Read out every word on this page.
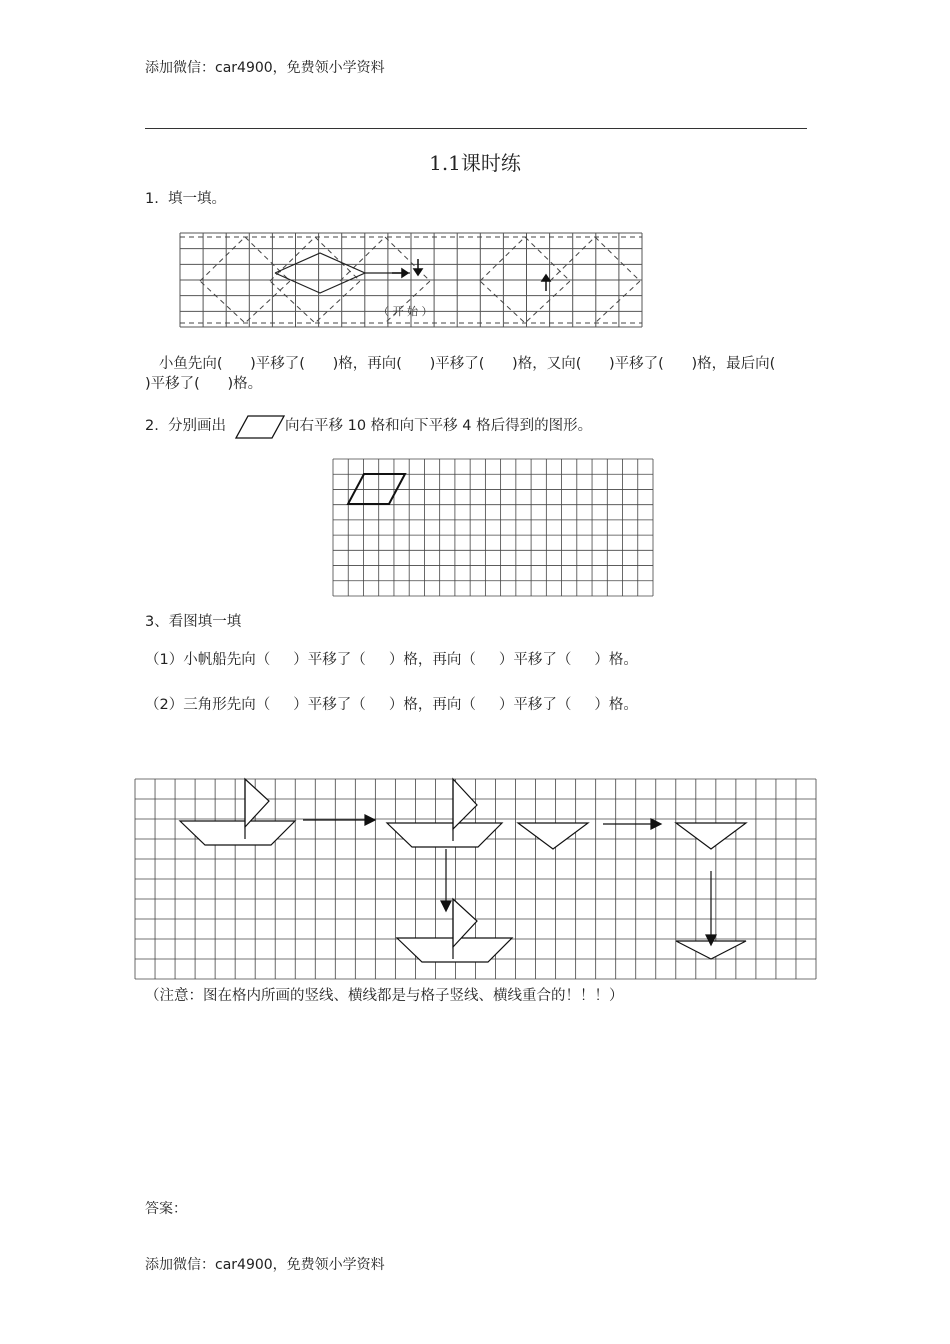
添加微信：car4900，免费领小学资料
1.1课时练
1.  填一填。
（ 开 始 ）
小鱼先向(      )平移了(      )格，再向(      )平移了(      )格，又向(      )平移了(      )格，最后向(      )平移了(      )格。
2.  分别画出	向右平移 10 格和向下平移 4 格后得到的图形。
3、看图填一填
（1）小帆船先向（     ）平移了（     ）格，再向（     ）平移了（     ）格。
（2）三角形先向（     ）平移了（     ）格，再向（     ）平移了（     ）格。
（注意：图在格内所画的竖线、横线都是与格子竖线、横线重合的！！！）
答案：
添加微信：car4900，免费领小学资料
